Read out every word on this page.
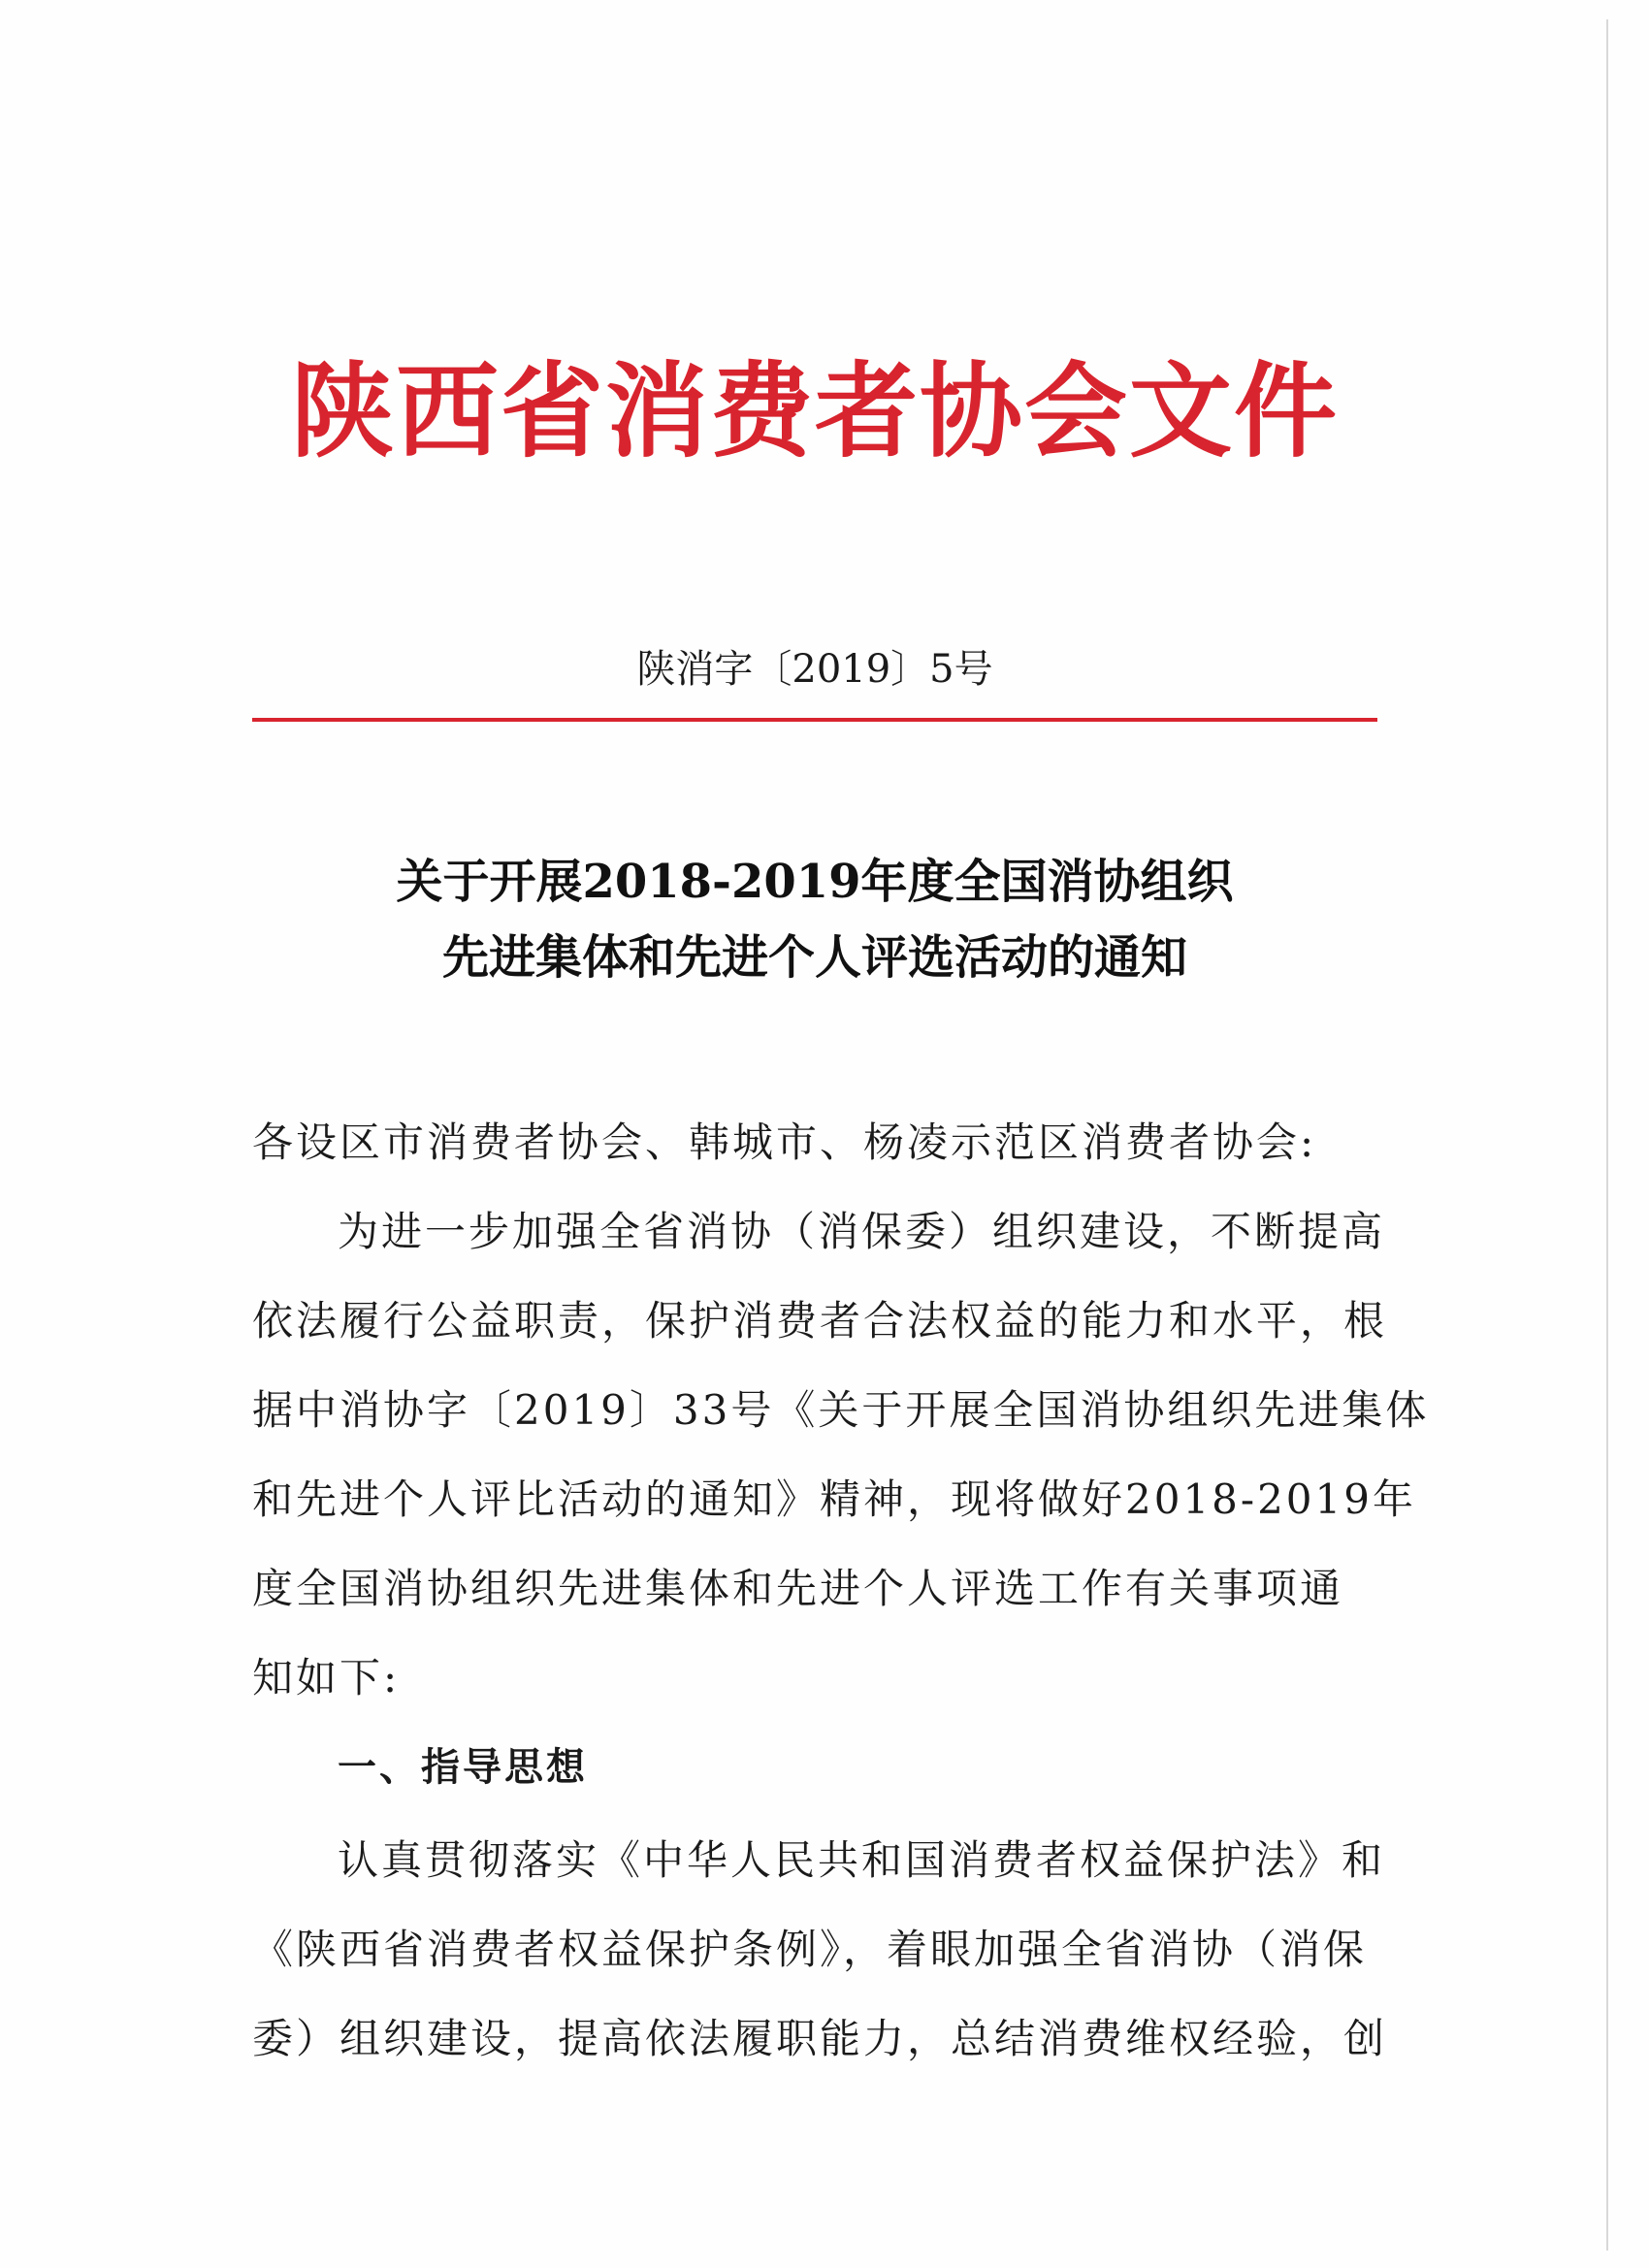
陕西省消费者协会文件
陕消字〔2019〕5号
关于开展2018-2019年度全国消协组织
先进集体和先进个人评选活动的通知
各设区市消费者协会、韩城市、杨凌示范区消费者协会:
为进一步加强全省消协（消保委）组织建设，不断提高
依法履行公益职责，保护消费者合法权益的能力和水平，根
据中消协字〔2019〕33号《关于开展全国消协组织先进集体
和先进个人评比活动的通知》精神，现将做好2018-2019年
度全国消协组织先进集体和先进个人评选工作有关事项通
知如下:
一、指导思想
认真贯彻落实《中华人民共和国消费者权益保护法》和
《陕西省消费者权益保护条例》，着眼加强全省消协（消保
委）组织建设，提高依法履职能力，总结消费维权经验，创
